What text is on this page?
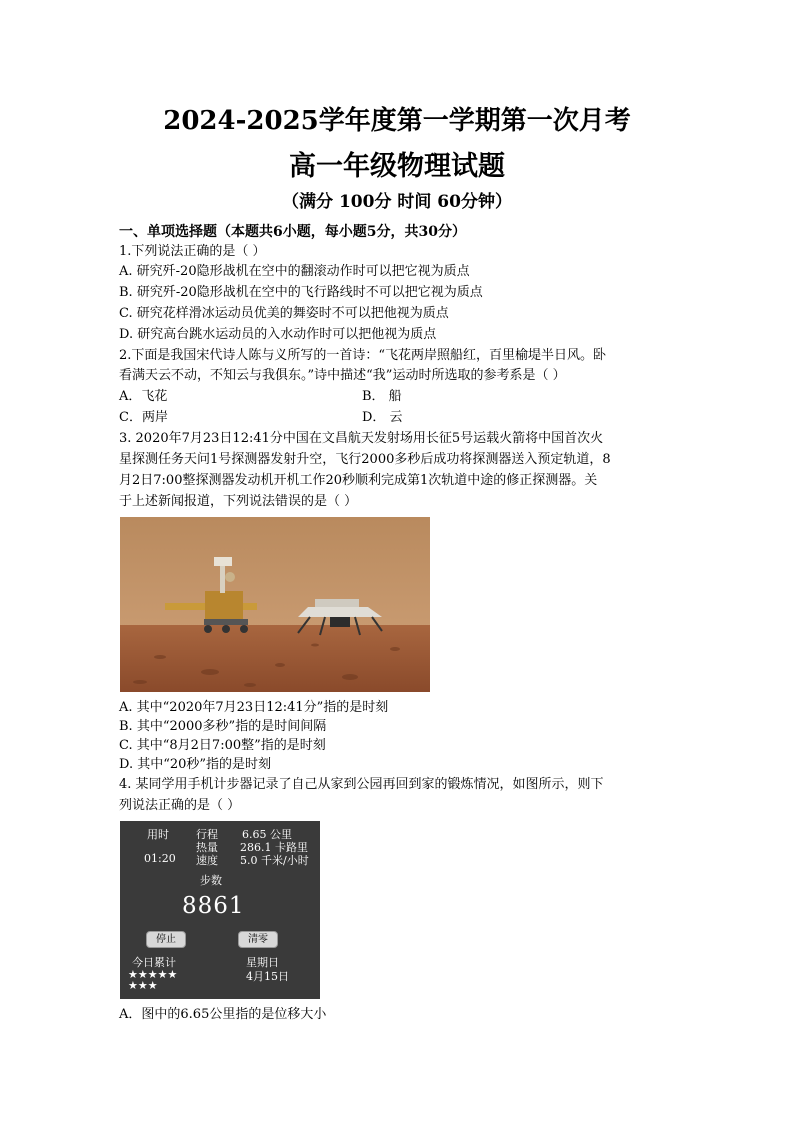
2024-2025学年度第一学期第一次月考
高一年级物理试题
（满分 100分 时间 60分钟）
一、单项选择题（本题共6小题，每小题5分，共30分）
1.下列说法正确的是（ ）
A. 研究歼-20隐形战机在空中的翻滚动作时可以把它视为质点
B. 研究歼-20隐形战机在空中的飞行路线时不可以把它视为质点
C. 研究花样滑冰运动员优美的舞姿时不可以把他视为质点
D. 研究高台跳水运动员的入水动作时可以把他视为质点
2.下面是我国宋代诗人陈与义所写的一首诗：“飞花两岸照船红，百里榆堤半日风。卧
看满天云不动，不知云与我俱东。”诗中描述“我”运动时所选取的参考系是（ ）
A．飞花	B． 船
C．两岸	D． 云
3. 2020年7月23日12:41分中国在文昌航天发射场用长征5号运载火箭将中国首次火
星探测任务天问1号探测器发射升空，飞行2000多秒后成功将探测器送入预定轨道，8
月2日7:00整探测器发动机开机工作20秒顺利完成第1次轨道中途的修正探测器。关
于上述新闻报道，下列说法错误的是（ ）
A. 其中“2020年7月23日12:41分”指的是时刻
B. 其中“2000多秒”指的是时间间隔
C. 其中“8月2日7:00整”指的是时刻
D. 其中“20秒”指的是时刻
4. 某同学用手机计步器记录了自己从家到公园再回到家的锻炼情况，如图所示，则下
列说法正确的是（ ）
用时
01:20
行程 6.65 公里
热量 286.1 卡路里
速度 5.0 千米/小时
步数
8861
停止	清零
今日累计
★★★★★
★★★
星期日
4月15日
A．图中的6.65公里指的是位移大小
